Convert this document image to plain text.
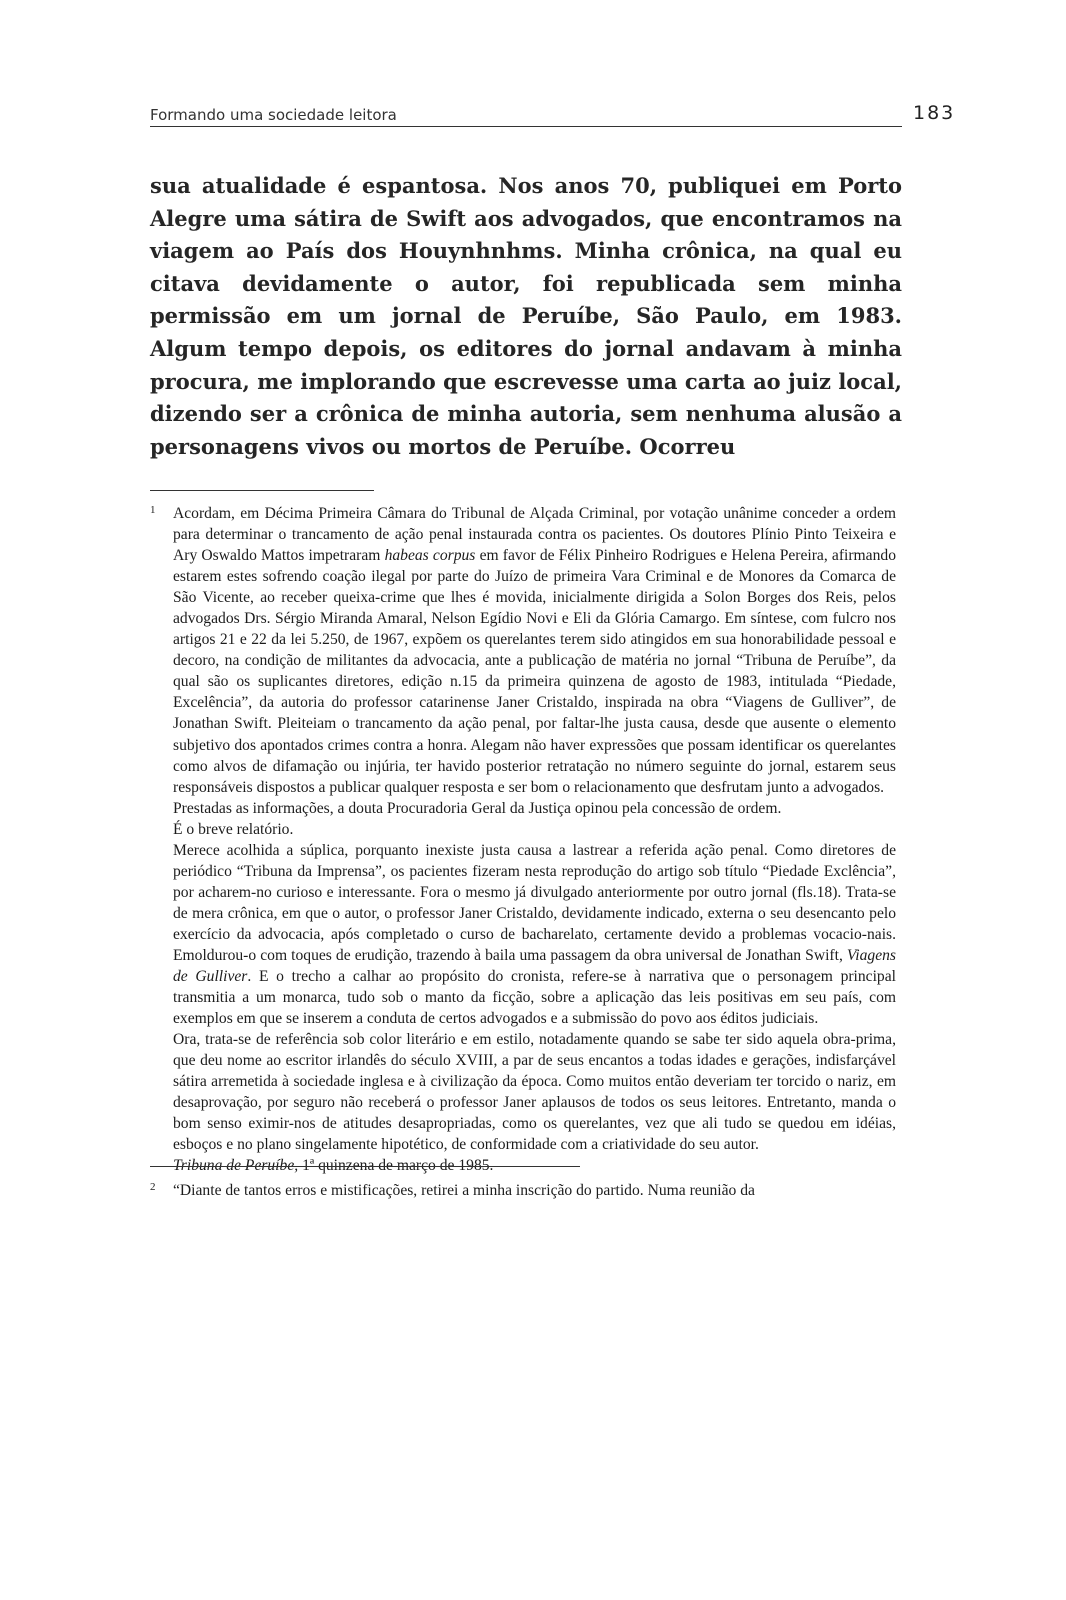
Formando uma sociedade leitora	183
sua atualidade é espantosa. Nos anos 70, publiquei em Porto Alegre uma sátira de Swift aos advogados, que encontramos na viagem ao País dos Houynhnhms. Minha crônica, na qual eu citava devidamente o autor, foi republicada sem minha permissão em um jornal de Peruíbe, São Paulo, em 1983. Algum tempo depois, os editores do jornal andavam à minha procura, me implorando que escrevesse uma carta ao juiz local, dizendo ser a crônica de minha autoria, sem nenhuma alusão a personagens vivos ou mortos de Peruíbe. Ocorreu
1 Acordam, em Décima Primeira Câmara do Tribunal de Alçada Criminal, por votação unânime conceder a ordem para determinar o trancamento de ação penal instaurada contra os pacientes. Os doutores Plínio Pinto Teixeira e Ary Oswaldo Mattos impetraram habeas corpus em favor de Félix Pinheiro Rodrigues e Helena Pereira, afirmando estarem estes sofrendo coação ilegal por parte do Juízo de primeira Vara Criminal e de Monores da Comarca de São Vicente, ao receber queixa-crime que lhes é movida, inicialmente dirigida a Solon Borges dos Reis, pelos advogados Drs. Sérgio Miranda Amaral, Nelson Egídio Novi e Eli da Glória Camargo. Em síntese, com fulcro nos artigos 21 e 22 da lei 5.250, de 1967, expõem os querelantes terem sido atingidos em sua honorabilidade pessoal e decoro, na condição de militantes da advocacia, ante a publicação de matéria no jornal “Tribuna de Peruíbe”, da qual são os suplicantes diretores, edição n.15 da primeira quinzena de agosto de 1983, intitulada “Piedade, Excelência”, da autoria do professor catarinense Janer Cristaldo, inspirada na obra “Viagens de Gulliver”, de Jonathan Swift. Pleiteiam o trancamento da ação penal, por faltar-lhe justa causa, desde que ausente o elemento subjetivo dos apontados crimes contra a honra. Alegam não haver expressões que possam identificar os querelantes como alvos de difamação ou injúria, ter havido posterior retratação no número seguinte do jornal, estarem seus responsáveis dispostos a publicar qualquer resposta e ser bom o relacionamento que desfrutam junto a advogados.

Prestadas as informações, a douta Procuradoria Geral da Justiça opinou pela concessão de ordem.

É o breve relatório.

Merece acolhida a súplica, porquanto inexiste justa causa a lastrear a referida ação penal. Como diretores de periódico “Tribuna da Imprensa”, os pacientes fizeram nesta reprodução do artigo sob título “Piedade Exclência”, por acharem-no curioso e interessante. Fora o mesmo já divulgado anteriormente por outro jornal (fls.18). Trata-se de mera crônica, em que o autor, o professor Janer Cristaldo, devidamente indicado, externa o seu desencanto pelo exercício da advocacia, após completado o curso de bacharelato, certamente devido a problemas vocacio-nais. Emoldurou-o com toques de erudição, trazendo à baila uma passagem da obra universal de Jonathan Swift, Viagens de Gulliver. E o trecho a calhar ao propósito do cronista, refere-se à narrativa que o personagem principal transmitia a um monarca, tudo sob o manto da ficção, sobre a aplicação das leis positivas em seu país, com exemplos em que se inserem a conduta de certos advogados e a submissão do povo aos éditos judiciais.

Ora, trata-se de referência sob color literário e em estilo, notadamente quando se sabe ter sido aquela obra-prima, que deu nome ao escritor irlandês do século XVIII, a par de seus encantos a todas idades e gerações, indisfarçável sátira arremetida à sociedade inglesa e à civilização da época. Como muitos então deveriam ter torcido o nariz, em desaprovação, por seguro não receberá o professor Janer aplausos de todos os seus leitores. Entretanto, manda o bom senso eximir-nos de atitudes desapropriadas, como os querelantes, vez que ali tudo se quedou em idéias, esboços e no plano singelamente hipotético, de conformidade com a criatividade do seu autor.

Tribuna de Peruíbe, 1ª quinzena de março de 1985.

2 “Diante de tantos erros e mistificações, retirei a minha inscrição do partido. Numa reunião da
